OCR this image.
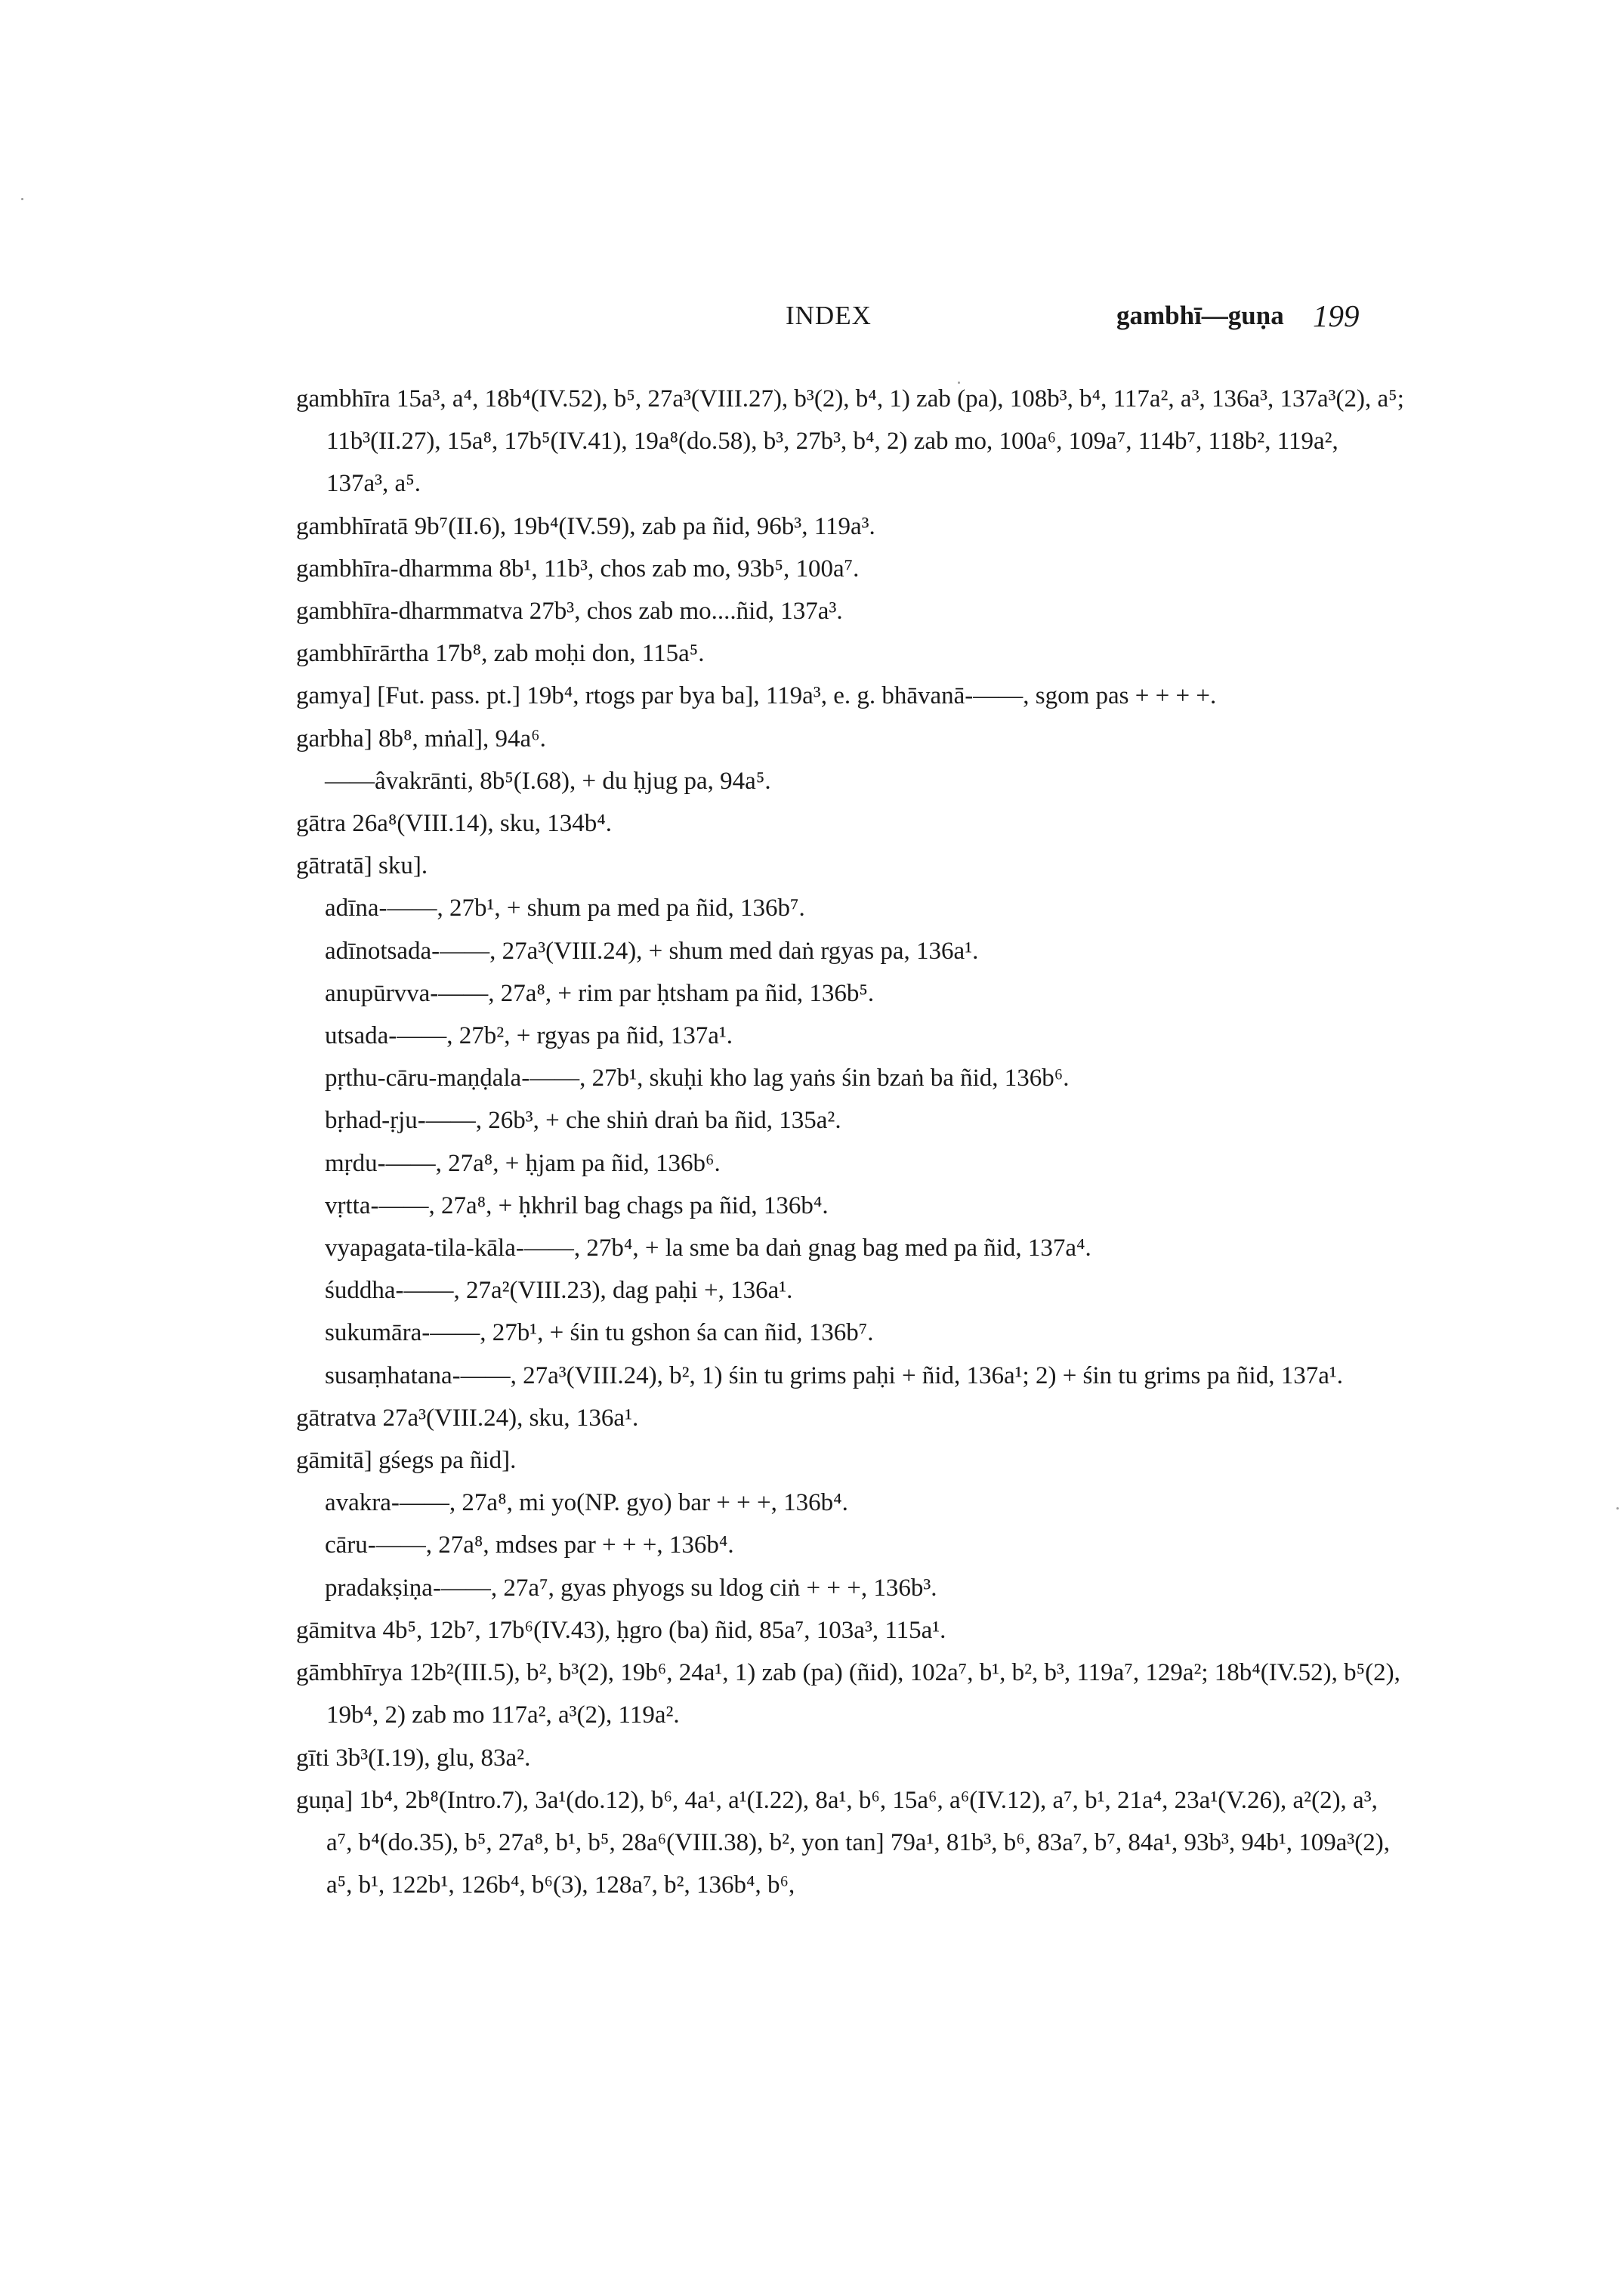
INDEX	gambhī—guṇa 199

gambhīra 15a³, a⁴, 18b⁴(IV.52), b⁵, 27a³(VIII.27), b³(2), b⁴, 1) zab (pa), 108b³, b⁴, 117a², a³, 136a³, 137a³(2), a⁵; 11b³(II.27), 15a⁸, 17b⁵(IV.41), 19a⁸(do.58), b³, 27b³, b⁴, 2) zab mo, 100a⁶, 109a⁷, 114b⁷, 118b², 119a², 137a³, a⁵.

gambhīratā 9b⁷(II.6), 19b⁴(IV.59), zab pa ñid, 96b³, 119a³.

gambhīra-dharmma 8b¹, 11b³, chos zab mo, 93b⁵, 100a⁷.

gambhīra-dharmmatva 27b³, chos zab mo....ñid, 137a³.

gambhīrārtha 17b⁸, zab moḥi don, 115a⁵.

gamya] [Fut. pass. pt.] 19b⁴, rtogs par bya ba], 119a³, e. g. bhāvanā-——, sgom pas + + + +.

garbha] 8b⁸, mṅal], 94a⁶.

——âvakrānti, 8b⁵(I.68), + du ḥjug pa, 94a⁵.

gātra 26a⁸(VIII.14), sku, 134b⁴.

gātratā] sku].

adīna-——, 27b¹, + shum pa med pa ñid, 136b⁷.

adīnotsada-——, 27a³(VIII.24), + shum med daṅ rgyas pa, 136a¹.

anupūrvva-——, 27a⁸, + rim par ḥtsham pa ñid, 136b⁵.

utsada-——, 27b², + rgyas pa ñid, 137a¹.

pṛthu-cāru-maṇḍala-——, 27b¹, skuḥi kho lag yaṅs śin bzaṅ ba ñid, 136b⁶.

bṛhad-ṛju-——, 26b³, + che shiṅ draṅ ba ñid, 135a².

mṛdu-——, 27a⁸, + ḥjam pa ñid, 136b⁶.

vṛtta-——, 27a⁸, + ḥkhril bag chags pa ñid, 136b⁴.

vyapagata-tila-kāla-——, 27b⁴, + la sme ba daṅ gnag bag med pa ñid, 137a⁴.

śuddha-——, 27a²(VIII.23), dag paḥi +, 136a¹.

sukumāra-——, 27b¹, + śin tu gshon śa can ñid, 136b⁷.

susaṃhatana-——, 27a³(VIII.24), b², 1) śin tu grims paḥi + ñid, 136a¹; 2) + śin tu grims pa ñid, 137a¹.

gātratva 27a³(VIII.24), sku, 136a¹.

gāmitā] gśegs pa ñid].

avakra-——, 27a⁸, mi yo(NP. gyo) bar + + +, 136b⁴.

cāru-——, 27a⁸, mdses par + + +, 136b⁴.

pradakṣiṇa-——, 27a⁷, gyas phyogs su ldog ciṅ + + +, 136b³.

gāmitva 4b⁵, 12b⁷, 17b⁶(IV.43), ḥgro (ba) ñid, 85a⁷, 103a³, 115a¹.

gāmbhīrya 12b²(III.5), b², b³(2), 19b⁶, 24a¹, 1) zab (pa) (ñid), 102a⁷, b¹, b², b³, 119a⁷, 129a²; 18b⁴(IV.52), b⁵(2), 19b⁴, 2) zab mo 117a², a³(2), 119a².

gīti 3b³(I.19), glu, 83a².

guṇa] 1b⁴, 2b⁸(Intro.7), 3a¹(do.12), b⁶, 4a¹, a¹(I.22), 8a¹, b⁶, 15a⁶, a⁶(IV.12), a⁷, b¹, 21a⁴, 23a¹(V.26), a²(2), a³, a⁷, b⁴(do.35), b⁵, 27a⁸, b¹, b⁵, 28a⁶(VIII.38), b², yon tan] 79a¹, 81b³, b⁶, 83a⁷, b⁷, 84a¹, 93b³, 94b¹, 109a³(2), a⁵, b¹, 122b¹, 126b⁴, b⁶(3), 128a⁷, b², 136b⁴, b⁶,
